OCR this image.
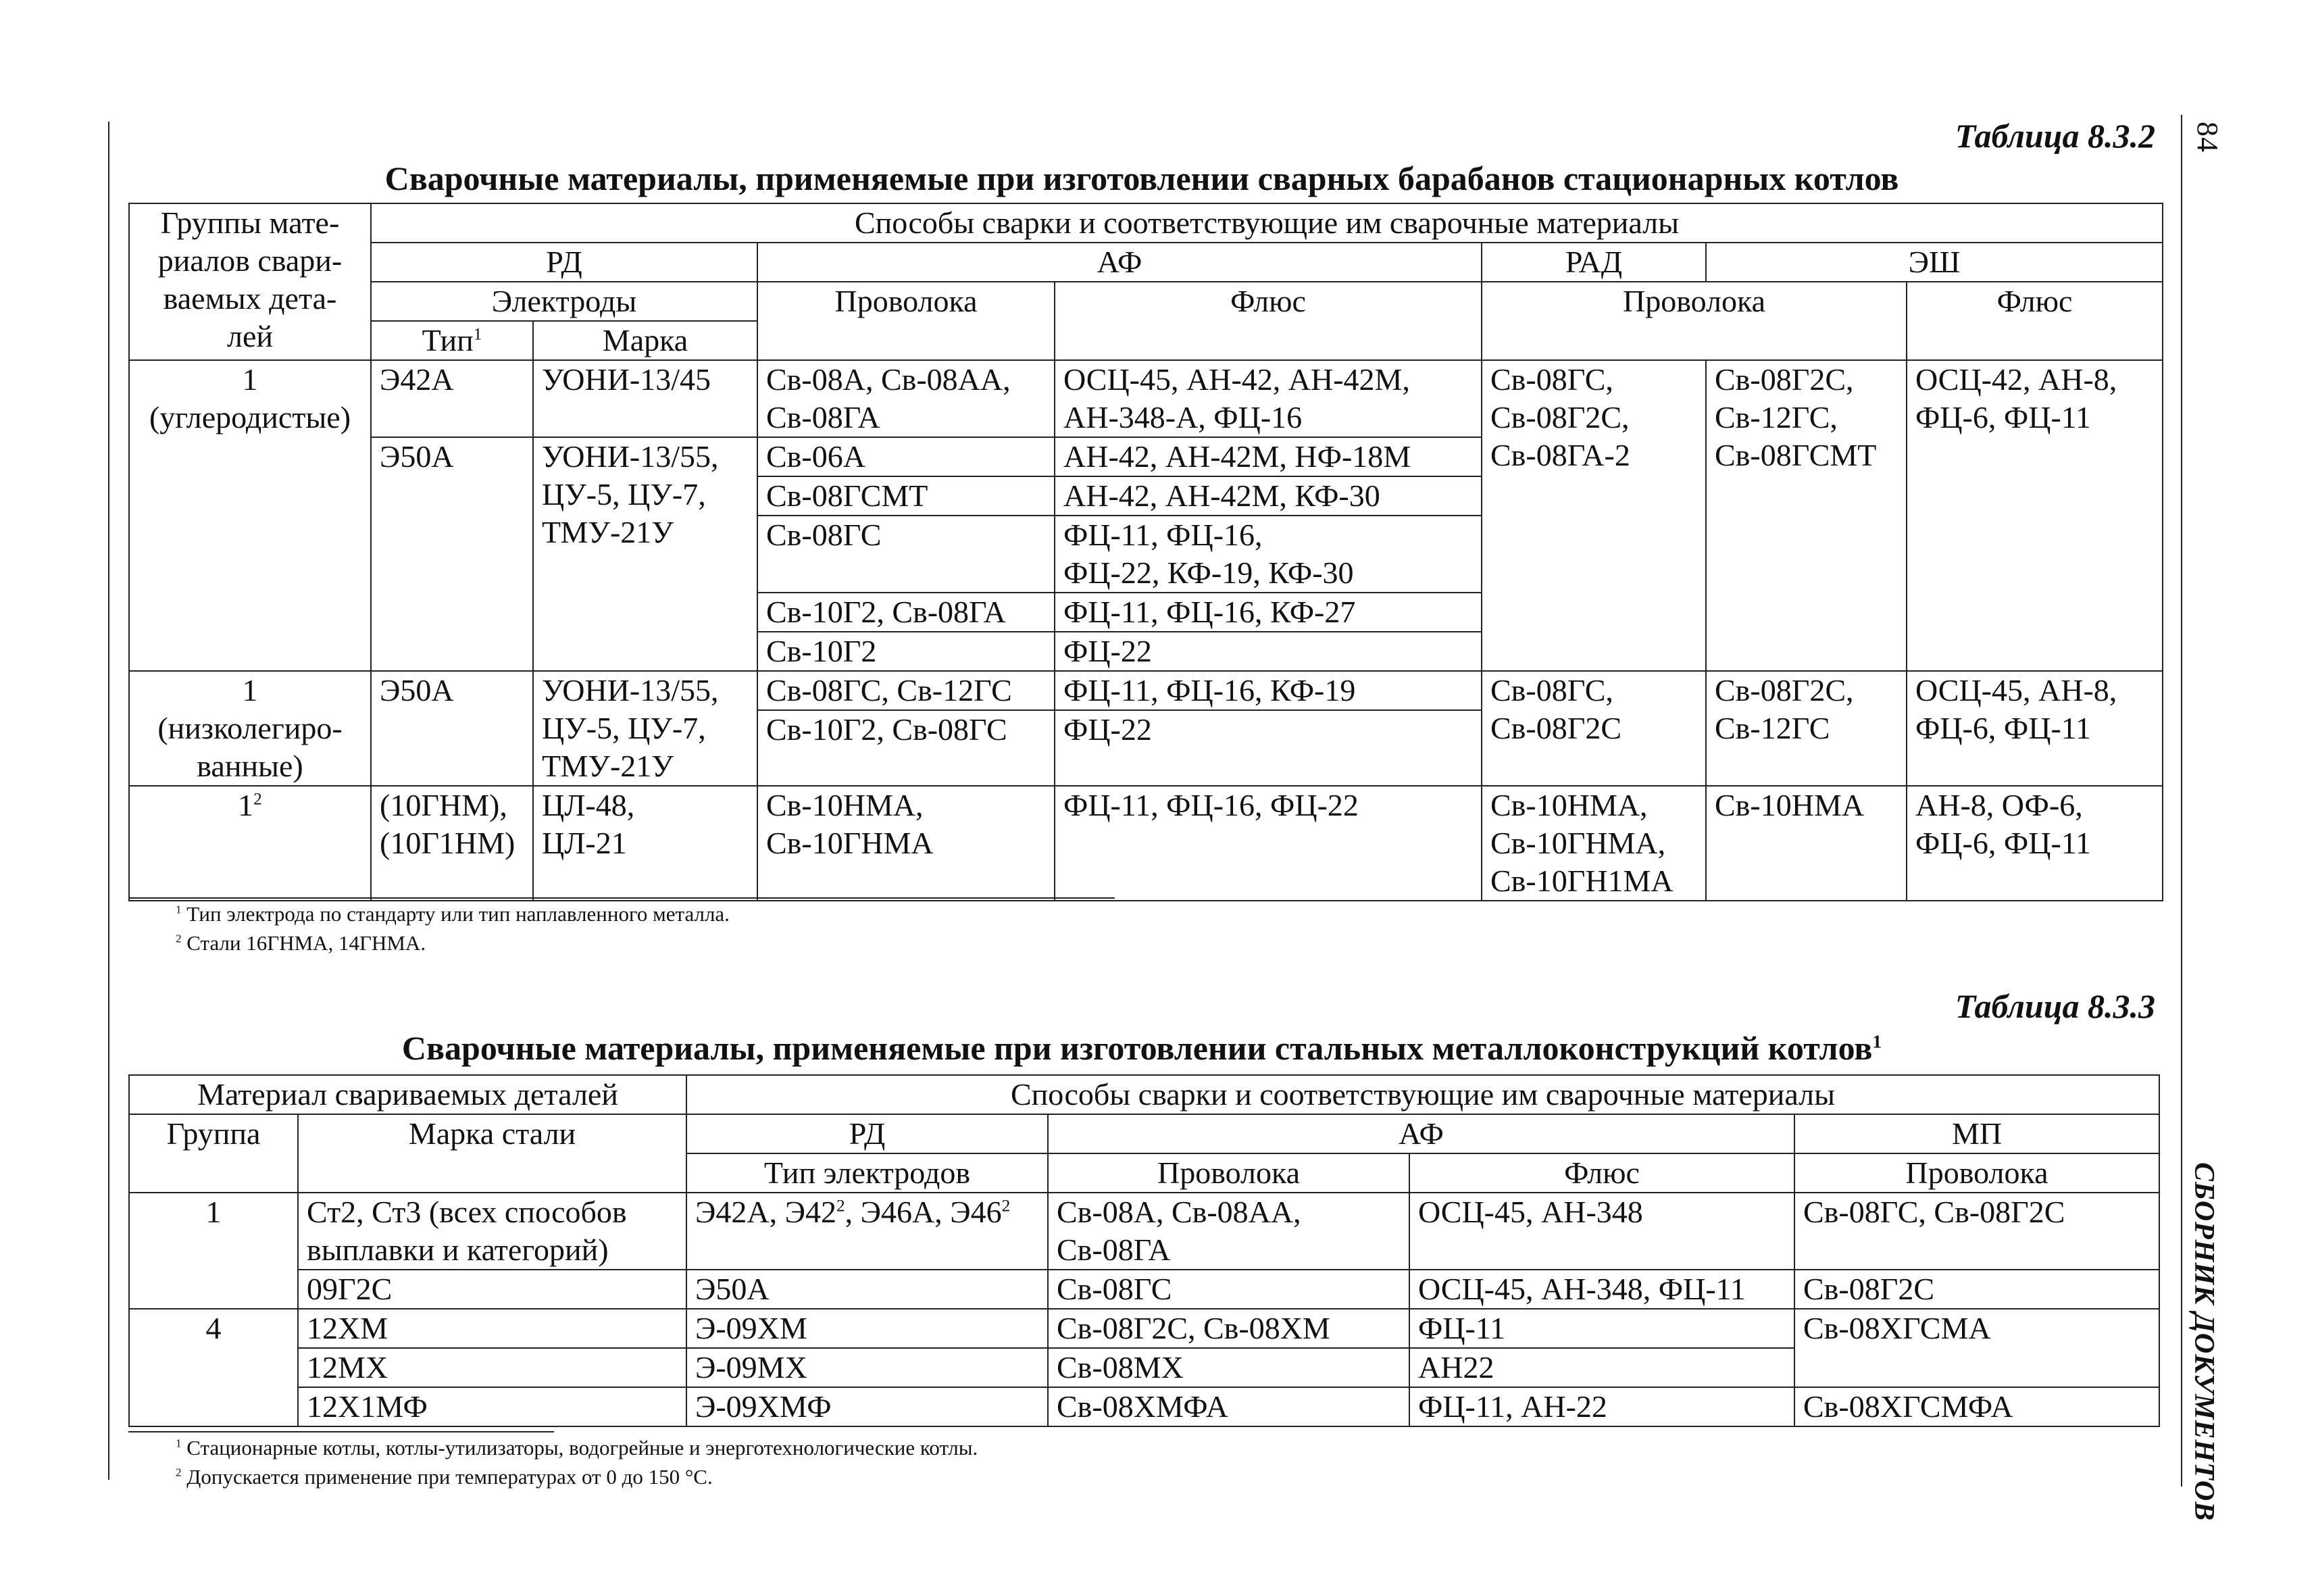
84
СБОРНИК ДОКУМЕНТОВ
Таблица 8.3.2
Сварочные материалы, применяемые при изготовлении сварных барабанов стационарных котлов
Группы мате-
риалов свари-
ваемых дета-
лей	Способы сварки и соответствующие им сварочные материалы						
	РД		АФ		РАД	ЭШ	
	Электроды		Проволока	Флюс	Проволока		Флюс
	Тип$^1$	Марка					
1
(углеродистые)	Э42А	УОНИ-13/45	Св-08А, Св-08АА, Св-08ГА	ОСЦ-45, АН-42, АН-42М, АН-348-А, ФЦ-16	Св-08ГС, Св-08Г2С, Св-08ГА-2	Св-08Г2С, Св-12ГС, Св-08ГСМТ	ОСЦ-42, АН-8, ФЦ-6, ФЦ-11
	Э50А	УОНИ-13/55, ЦУ-5, ЦУ-7, ТМУ-21У	Св-06А	АН-42, АН-42М, НФ-18М			
			Св-08ГСМТ	АН-42, АН-42М, КФ-30			
			Св-08ГС	ФЦ-11, ФЦ-16,
ФЦ-22, КФ-19, КФ-30			
			Св-10Г2, Св-08ГА	ФЦ-11, ФЦ-16, КФ-27			
			Св-10Г2	ФЦ-22			

1
(низколегиро-
ванные)	Э50А	УОНИ-13/55, ЦУ-5, ЦУ-7, ТМУ-21У	Св-08ГС, Св-12ГС	ФЦ-11, ФЦ-16, КФ-19	Св-08ГС, Св-08Г2С	Св-08Г2С, Св-12ГС	ОСЦ-45, АН-8, ФЦ-6, ФЦ-11
			Св-10Г2, Св-08ГС	ФЦ-22			
$1^2$	(10ГНМ),
(10Г1НМ)	ЦЛ-48,
ЦЛ-21	Св-10НМА, Св-10ГНМА	ФЦ-11, ФЦ-16, ФЦ-22	Св-10НМА, Св-10ГНМА, Св-10ГН1МА	Св-10НМА	АН-8, ОФ-6, ФЦ-6, ФЦ-11
$^1$ Тип электрода по стандарту или тип наплавленного металла.
$^2$ Стали 16ГНМА, 14ГНМА.
Таблица 8.3.3
Сварочные материалы, применяемые при изготовлении стальных металлоконструкций котлов$^1$
Материал свариваемых деталей		Способы сварки и соответствующие им сварочные материалы			
Группа	Марка стали	РД	АФ		МП
		Тип электродов	Проволока	Флюс	Проволока
1	Ст2, Ст3 (всех способов выплавки и категорий)	Э42А, $Э42^2$, Э46А, $Э46^2$	Св-08А, Св-08АА, Св-08ГА	ОСЦ-45, АН-348	Св-08ГС, Св-08Г2С
	09Г2С	Э50А	Св-08ГС	ОСЦ-45, АН-348, ФЦ-11	Св-08Г2С
4	12ХМ	Э-09ХМ	Св-08Г2С, Св-08ХМ	ФЦ-11	Св-08ХГСМА
	12МХ	Э-09МХ	Св-08МХ	АН22	
	12Х1МФ	Э-09ХМФ	Св-08ХМФА	ФЦ-11, АН-22	Св-08ХГСМФА
$^1$ Стационарные котлы, котлы-утилизаторы, водогрейные и энерготехнологические котлы.
$^2$ Допускается применение при температурах от 0 до 150 °С.
